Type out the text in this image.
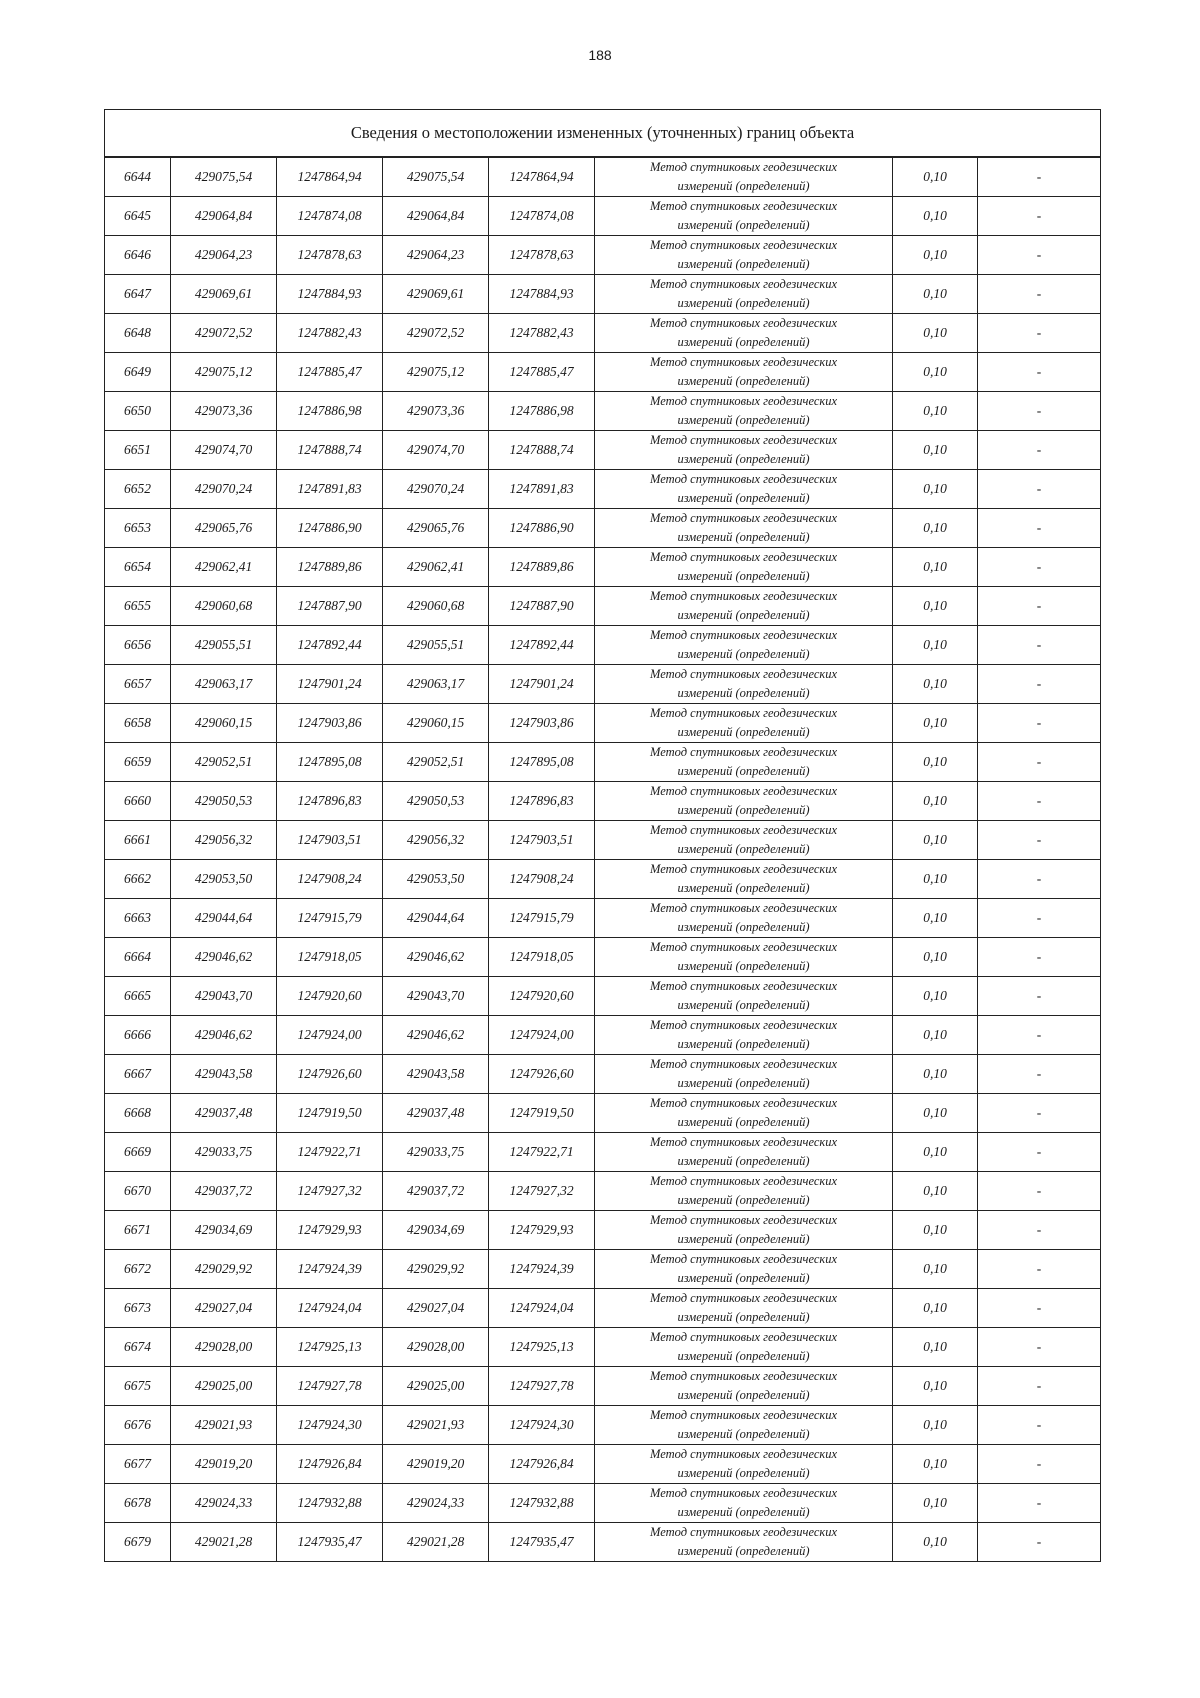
188
Сведения о местоположении измененных (уточненных) границ объекта							
6644	429075,54	1247864,94	429075,54	1247864,94	Метод спутниковых геодезических
измерений (определений)	0,10	-
6645	429064,84	1247874,08	429064,84	1247874,08	Метод спутниковых геодезических
измерений (определений)	0,10	-
6646	429064,23	1247878,63	429064,23	1247878,63	Метод спутниковых геодезических
измерений (определений)	0,10	-
6647	429069,61	1247884,93	429069,61	1247884,93	Метод спутниковых геодезических
измерений (определений)	0,10	-
6648	429072,52	1247882,43	429072,52	1247882,43	Метод спутниковых геодезических
измерений (определений)	0,10	-
6649	429075,12	1247885,47	429075,12	1247885,47	Метод спутниковых геодезических
измерений (определений)	0,10	-
6650	429073,36	1247886,98	429073,36	1247886,98	Метод спутниковых геодезических
измерений (определений)	0,10	-
6651	429074,70	1247888,74	429074,70	1247888,74	Метод спутниковых геодезических
измерений (определений)	0,10	-
6652	429070,24	1247891,83	429070,24	1247891,83	Метод спутниковых геодезических
измерений (определений)	0,10	-
6653	429065,76	1247886,90	429065,76	1247886,90	Метод спутниковых геодезических
измерений (определений)	0,10	-
6654	429062,41	1247889,86	429062,41	1247889,86	Метод спутниковых геодезических
измерений (определений)	0,10	-
6655	429060,68	1247887,90	429060,68	1247887,90	Метод спутниковых геодезических
измерений (определений)	0,10	-
6656	429055,51	1247892,44	429055,51	1247892,44	Метод спутниковых геодезических
измерений (определений)	0,10	-
6657	429063,17	1247901,24	429063,17	1247901,24	Метод спутниковых геодезических
измерений (определений)	0,10	-
6658	429060,15	1247903,86	429060,15	1247903,86	Метод спутниковых геодезических
измерений (определений)	0,10	-
6659	429052,51	1247895,08	429052,51	1247895,08	Метод спутниковых геодезических
измерений (определений)	0,10	-
6660	429050,53	1247896,83	429050,53	1247896,83	Метод спутниковых геодезических
измерений (определений)	0,10	-
6661	429056,32	1247903,51	429056,32	1247903,51	Метод спутниковых геодезических
измерений (определений)	0,10	-
6662	429053,50	1247908,24	429053,50	1247908,24	Метод спутниковых геодезических
измерений (определений)	0,10	-
6663	429044,64	1247915,79	429044,64	1247915,79	Метод спутниковых геодезических
измерений (определений)	0,10	-
6664	429046,62	1247918,05	429046,62	1247918,05	Метод спутниковых геодезических
измерений (определений)	0,10	-
6665	429043,70	1247920,60	429043,70	1247920,60	Метод спутниковых геодезических
измерений (определений)	0,10	-
6666	429046,62	1247924,00	429046,62	1247924,00	Метод спутниковых геодезических
измерений (определений)	0,10	-
6667	429043,58	1247926,60	429043,58	1247926,60	Метод спутниковых геодезических
измерений (определений)	0,10	-
6668	429037,48	1247919,50	429037,48	1247919,50	Метод спутниковых геодезических
измерений (определений)	0,10	-
6669	429033,75	1247922,71	429033,75	1247922,71	Метод спутниковых геодезических
измерений (определений)	0,10	-
6670	429037,72	1247927,32	429037,72	1247927,32	Метод спутниковых геодезических
измерений (определений)	0,10	-
6671	429034,69	1247929,93	429034,69	1247929,93	Метод спутниковых геодезических
измерений (определений)	0,10	-
6672	429029,92	1247924,39	429029,92	1247924,39	Метод спутниковых геодезических
измерений (определений)	0,10	-
6673	429027,04	1247924,04	429027,04	1247924,04	Метод спутниковых геодезических
измерений (определений)	0,10	-
6674	429028,00	1247925,13	429028,00	1247925,13	Метод спутниковых геодезических
измерений (определений)	0,10	-
6675	429025,00	1247927,78	429025,00	1247927,78	Метод спутниковых геодезических
измерений (определений)	0,10	-
6676	429021,93	1247924,30	429021,93	1247924,30	Метод спутниковых геодезических
измерений (определений)	0,10	-
6677	429019,20	1247926,84	429019,20	1247926,84	Метод спутниковых геодезических
измерений (определений)	0,10	-
6678	429024,33	1247932,88	429024,33	1247932,88	Метод спутниковых геодезических
измерений (определений)	0,10	-
6679	429021,28	1247935,47	429021,28	1247935,47	Метод спутниковых геодезических
измерений (определений)	0,10	-
